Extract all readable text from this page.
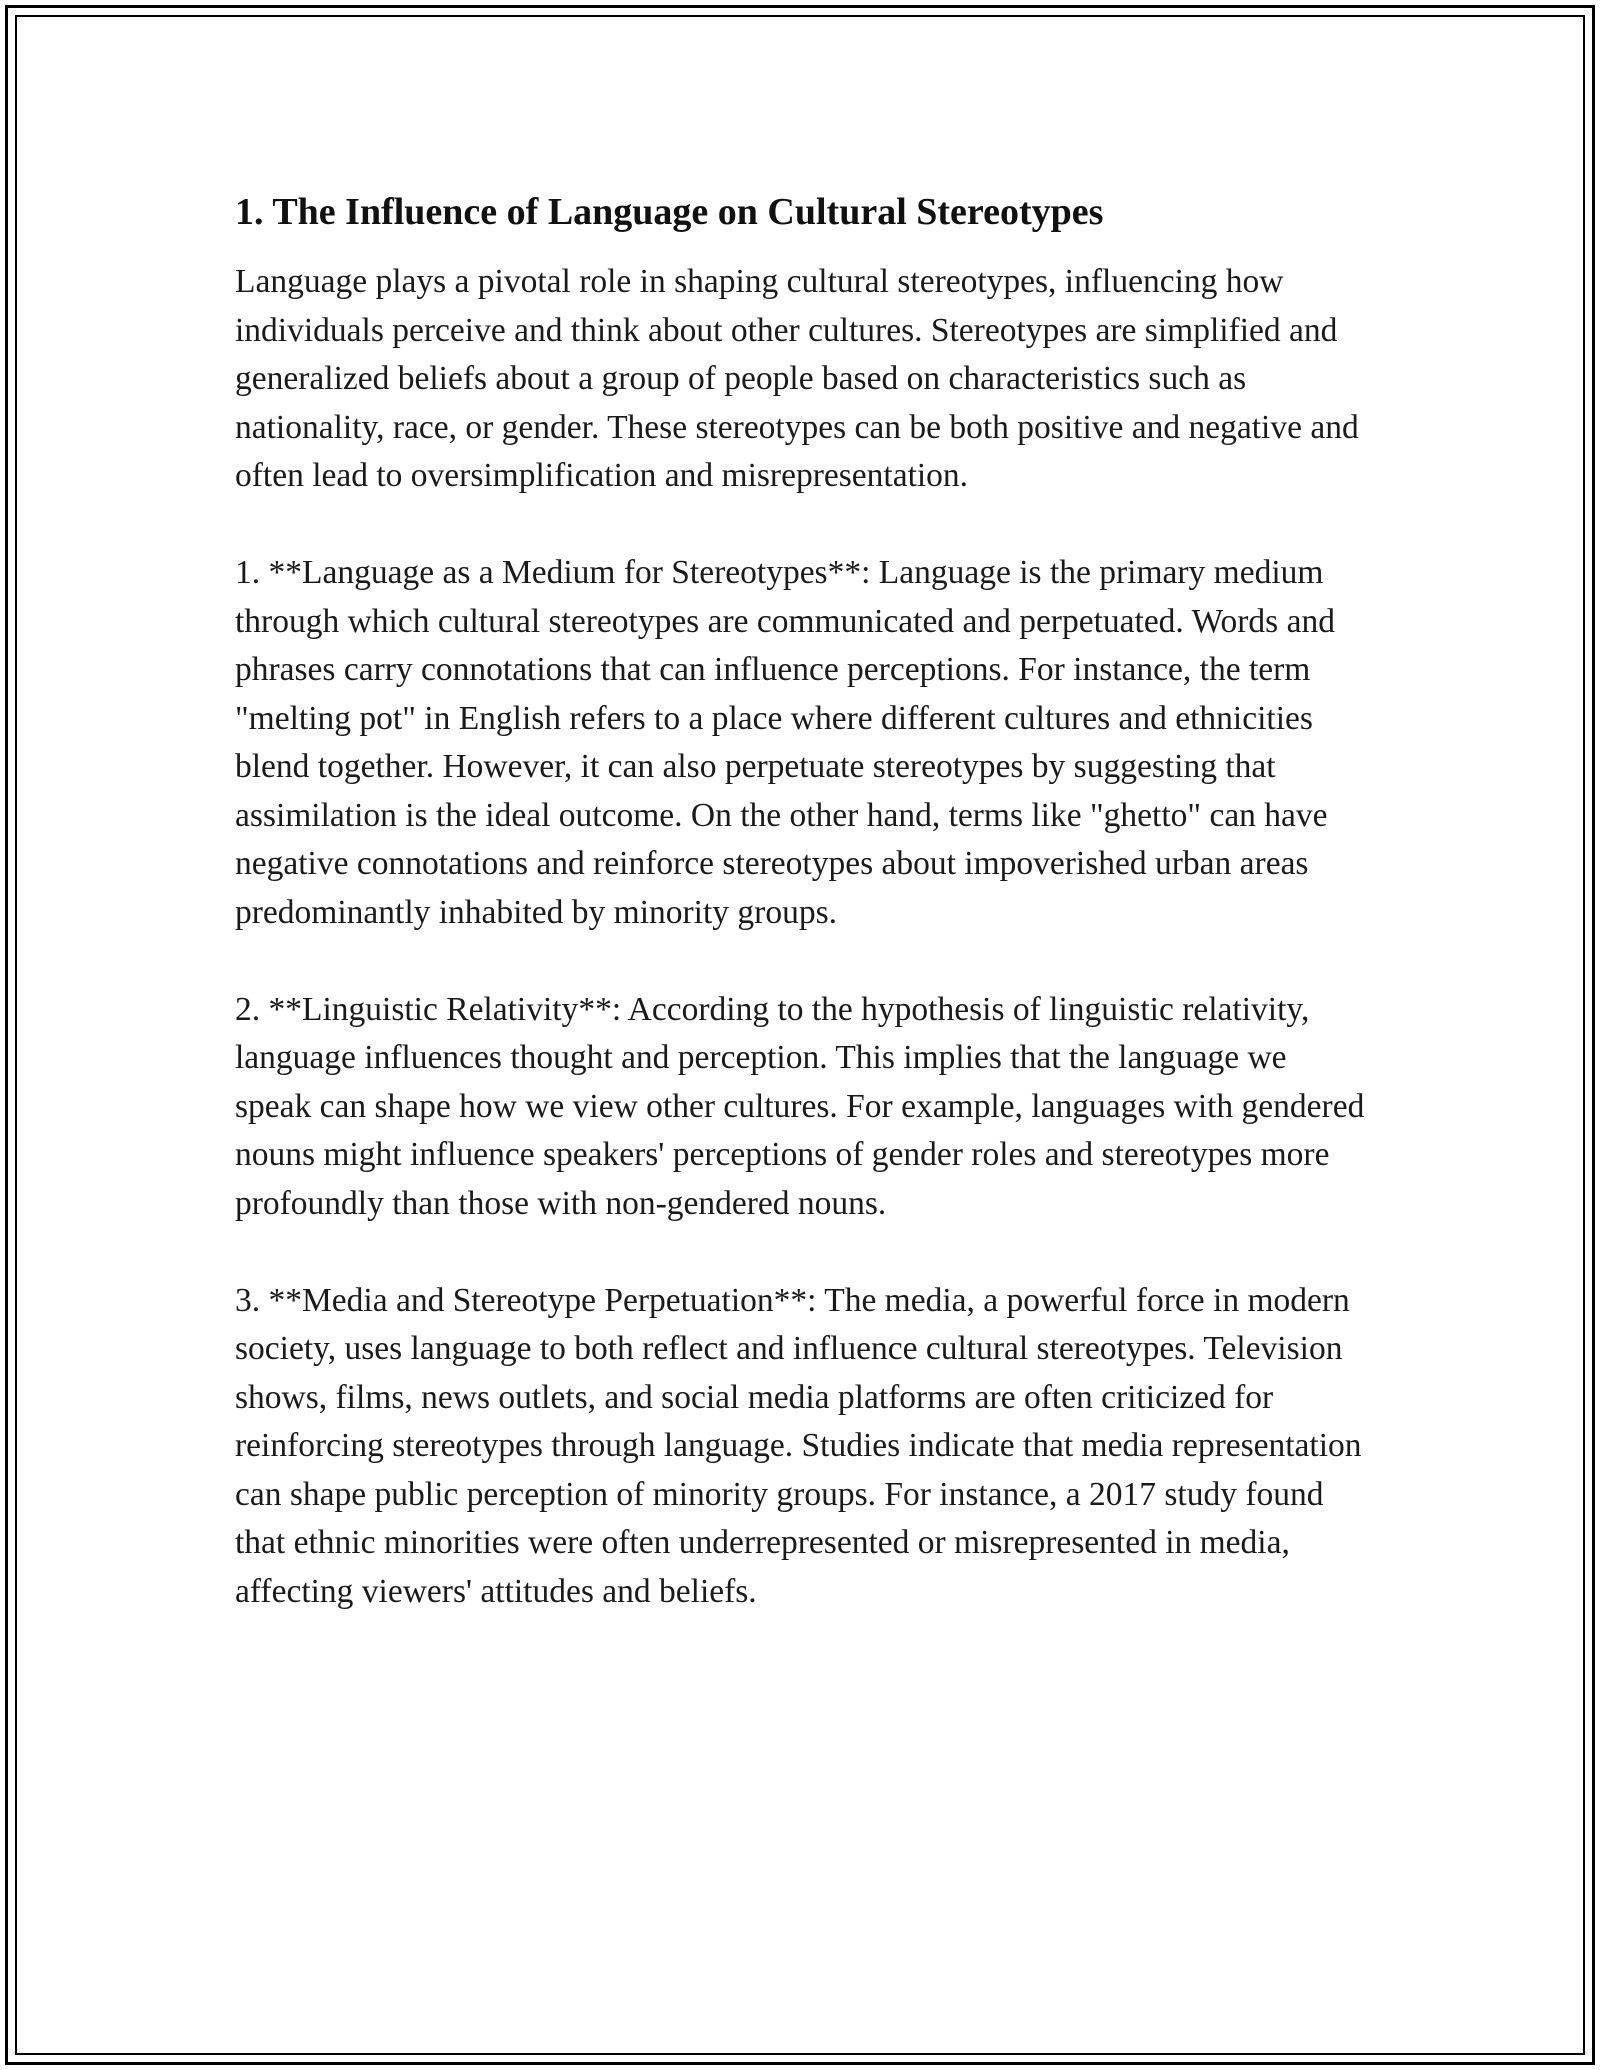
1. The Influence of Language on Cultural Stereotypes

Language plays a pivotal role in shaping cultural stereotypes, influencing how individuals perceive and think about other cultures. Stereotypes are simplified and generalized beliefs about a group of people based on characteristics such as nationality, race, or gender. These stereotypes can be both positive and negative and often lead to oversimplification and misrepresentation.

1. **Language as a Medium for Stereotypes**: Language is the primary medium through which cultural stereotypes are communicated and perpetuated. Words and phrases carry connotations that can influence perceptions. For instance, the term "melting pot" in English refers to a place where different cultures and ethnicities blend together. However, it can also perpetuate stereotypes by suggesting that assimilation is the ideal outcome. On the other hand, terms like "ghetto" can have negative connotations and reinforce stereotypes about impoverished urban areas predominantly inhabited by minority groups.

2. **Linguistic Relativity**: According to the hypothesis of linguistic relativity, language influences thought and perception. This implies that the language we speak can shape how we view other cultures. For example, languages with gendered nouns might influence speakers' perceptions of gender roles and stereotypes more profoundly than those with non-gendered nouns.

3. **Media and Stereotype Perpetuation**: The media, a powerful force in modern society, uses language to both reflect and influence cultural stereotypes. Television shows, films, news outlets, and social media platforms are often criticized for reinforcing stereotypes through language. Studies indicate that media representation can shape public perception of minority groups. For instance, a 2017 study found that ethnic minorities were often underrepresented or misrepresented in media, affecting viewers' attitudes and beliefs.
